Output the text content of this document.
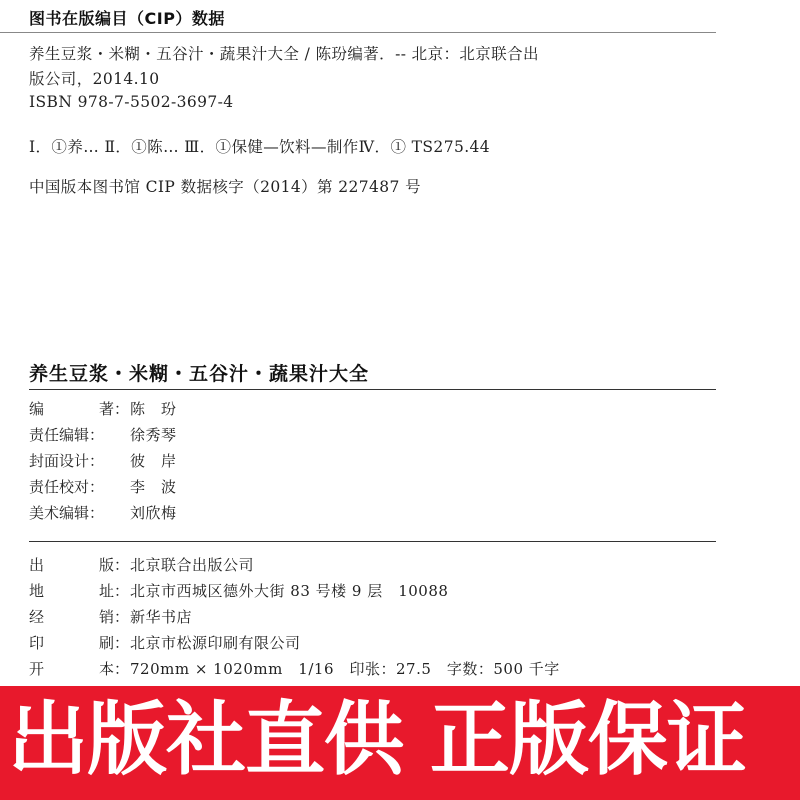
图书在版编目（CIP）数据
养生豆浆・米糊・五谷汁・蔬果汁大全 / 陈玢编著．-- 北京：北京联合出
版公司，2014.10
ISBN 978-7-5502-3697-4
Ⅰ．①养… Ⅱ．①陈… Ⅲ．①保健—饮料—制作Ⅳ．① TS275.44
中国版本图书馆 CIP 数据核字（2014）第 227487 号
养生豆浆・米糊・五谷汁・蔬果汁大全
编	著： 陈　玢
责任编辑： 徐秀琴
封面设计： 彼　岸
责任校对： 李　波
美术编辑： 刘欣梅
出	版： 北京联合出版公司
地	址： 北京市西城区德外大街 83 号楼 9 层　10088
经	销： 新华书店
印	刷： 北京市松源印刷有限公司
开	本： 720mm × 1020mm　1/16　印张：27.5　字数：500 千字
出版社直供 正版保证
